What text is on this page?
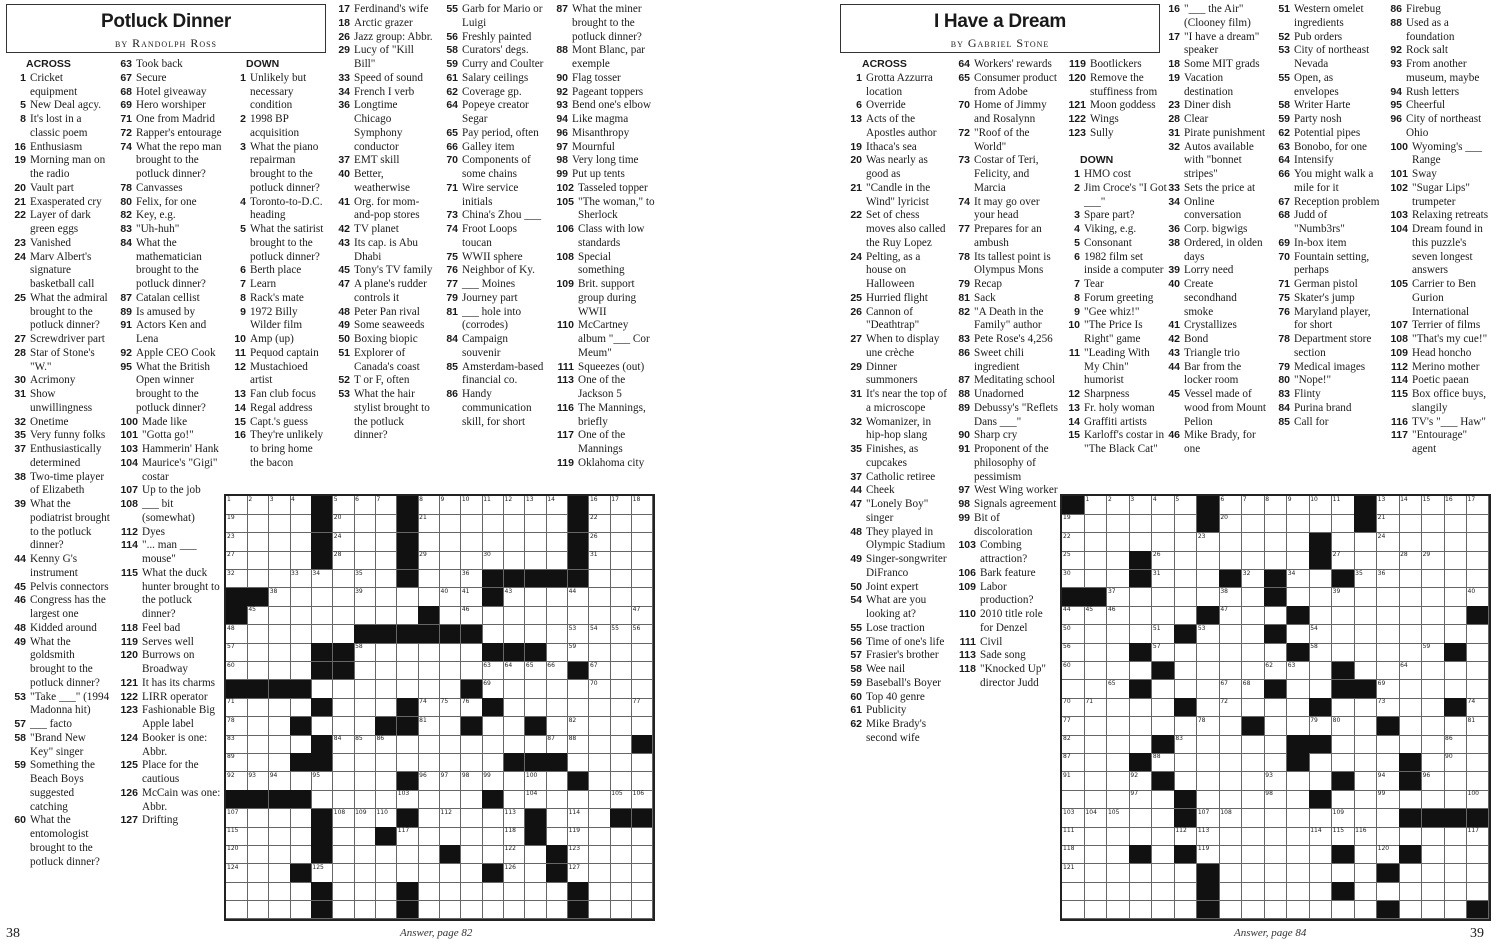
Potluck Dinner
by Randolph Ross
ACROSS
1 Cricket equipment
5 New Deal agcy.
8 It's lost in a classic poem
16 Enthusiasm
19 Morning man on the radio
20 Vault part
21 Exasperated cry
22 Layer of dark green eggs
23 Vanished
24 Marv Albert's signature basketball call
25 What the admiral brought to the potluck dinner?
27 Screwdriver part
28 Star of Stone's "W."
30 Acrimony
31 Show unwillingness
32 Onetime
35 Very funny folks
37 Enthusiastically determined
38 Two-time player of Elizabeth
39 What the podiatrist brought to the potluck dinner?
44 Kenny G's instrument
45 Pelvis connectors
46 Congress has the largest one
48 Kidded around
49 What the goldsmith brought to the potluck dinner?
53 "Take ___" (1994 Madonna hit)
57 ___ facto
58 "Brand New Key" singer
59 Something the Beach Boys suggested catching
60 What the entomologist brought to the potluck dinner?
63 Took back
67 Secure
68 Hotel giveaway
69 Hero worshiper
71 One from Madrid
72 Rapper's entourage
74 What the repo man brought to the potluck dinner?
78 Canvasses
80 Felix, for one
82 Key, e.g.
83 "Uh-huh"
84 What the mathematician brought to the potluck dinner?
87 Catalan cellist
89 Is amused by
91 Actors Ken and Lena
92 Apple CEO Cook
95 What the British Open winner brought to the potluck dinner?
100 Made like
101 "Gotta go!"
103 Hammerin' Hank
104 Maurice's "Gigi" costar
107 Up to the job
108 ___ bit (somewhat)
112 Dyes
114 "... man ___ mouse"
115 What the duck hunter brought to the potluck dinner?
118 Feel bad
119 Serves well
120 Burrows on Broadway
121 It has its charms
122 LIRR operator
123 Fashionable Big Apple label
124 Booker is one: Abbr.
125 Place for the cautious
126 McCain was one: Abbr.
127 Drifting
DOWN
1 Unlikely but necessary condition
2 1998 BP acquisition
3 What the piano repairman brought to the potluck dinner?
4 Toronto-to-D.C. heading
5 What the satirist brought to the potluck dinner?
6 Berth place
7 Learn
8 Rack's mate
9 1972 Billy Wilder film
10 Amp (up)
11 Pequod captain
12 Mustachioed artist
13 Fan club focus
14 Regal address
15 Capt.'s guess
16 They're unlikely to bring home the bacon
17 Ferdinand's wife
18 Arctic grazer
26 Jazz group: Abbr.
29 Lucy of "Kill Bill"
33 Speed of sound
34 French I verb
36 Longtime Chicago Symphony conductor
37 EMT skill
40 Better, weatherwise
41 Org. for mom-and-pop stores
42 TV planet
43 Its cap. is Abu Dhabi
45 Tony's TV family
47 A plane's rudder controls it
48 Peter Pan rival
49 Some seaweeds
50 Boxing biopic
51 Explorer of Canada's coast
52 T or F, often
53 What the hair stylist brought to the potluck dinner?
55 Garb for Mario or Luigi
56 Freshly painted
58 Curators' degs.
59 Curry and Coulter
61 Salary ceilings
62 Coverage gp.
64 Popeye creator Segar
65 Pay period, often
66 Galley item
70 Components of some chains
71 Wire service initials
73 China's Zhou ___
74 Froot Loops toucan
75 WWII sphere
76 Neighbor of Ky.
77 ___ Moines
79 Journey part
81 ___ hole into (corrodes)
84 Campaign souvenir
85 Amsterdam-based financial co.
86 Handy communication skill, for short
87 What the miner brought to the potluck dinner?
88 Mont Blanc, par exemple
90 Flag tosser
92 Pageant toppers
93 Bend one's elbow
94 Like magma
96 Misanthropy
97 Mournful
98 Very long time
99 Put up tents
102 Tasseled topper
105 "The woman," to Sherlock
106 Class with low standards
108 Special something
109 Brit. support group during WWII
110 McCartney album "___ Cor Meum"
111 Squeezes (out)
113 One of the Jackson 5
116 The Mannings, briefly
117 One of the Mannings
119 Oklahoma city
1	2	3	4	5	6	7	8	9	10 11 12 13 14	16 17 18
19	20	21	22
23	24	26
27	28	29	30	31
32	33 34	35	36
38	39	40 41	43	44
45	46	47
48	53 54 55 56
57	58	59
60	63 64 65 66	67
69	70
71	74 75 76	77
78	81	82
83	84 85 86	87 88
89
92 93 94	95	96 97 98 99	100
103	104	105 106
107	108 109 110	112	113	114
115	117	118	119
120	122	123
124	125	126	127
38	Answer, page 82
I Have a Dream
by Gabriel Stone
ACROSS
1 Grotta Azzurra location
6 Override
13 Acts of the Apostles author
19 Ithaca's sea
20 Was nearly as good as
21 "Candle in the Wind" lyricist
22 Set of chess moves also called the Ruy Lopez
24 Pelting, as a house on Halloween
25 Hurried flight
26 Cannon of "Deathtrap"
27 When to display une crèche
29 Dinner summoners
31 It's near the top of a microscope
32 Womanizer, in hip-hop slang
35 Finishes, as cupcakes
37 Catholic retiree
44 Cheek
47 "Lonely Boy" singer
48 They played in Olympic Stadium
49 Singer-songwriter DiFranco
50 Joint expert
54 What are you looking at?
55 Lose traction
56 Time of one's life
57 Frasier's brother
58 Wee nail
59 Baseball's Boyer
60 Top 40 genre
61 Publicity
62 Mike Brady's second wife
64 Workers' rewards
65 Consumer product from Adobe
70 Home of Jimmy and Rosalynn
72 "Roof of the World"
73 Costar of Teri, Felicity, and Marcia
74 It may go over your head
77 Prepares for an ambush
78 Its tallest point is Olympus Mons
79 Recap
81 Sack
82 "A Death in the Family" author
83 Pete Rose's 4,256
86 Sweet chili ingredient
87 Meditating school
88 Unadorned
89 Debussy's "Reflets Dans ___"
90 Sharp cry
91 Proponent of the philosophy of pessimism
97 West Wing worker
98 Signals agreement
99 Bit of discoloration
103 Combing attraction?
106 Bark feature
109 Labor production?
110 2010 title role for Denzel
111 Civil
113 Sade song
118 "Knocked Up" director Judd
119 Bootlickers
120 Remove the stuffiness from
121 Moon goddess
122 Wings
123 Sully
DOWN
1 HMO cost
2 Jim Croce's "I Got ___"
3 Spare part?
4 Viking, e.g.
5 Consonant
6 1982 film set inside a computer
7 Tear
8 Forum greeting
9 "Gee whiz!"
10 "The Price Is Right" game
11 "Leading With My Chin" humorist
12 Sharpness
13 Fr. holy woman
14 Graffiti artists
15 Karloff's costar in "The Black Cat"
16 "___ the Air" (Clooney film)
17 "I have a dream" speaker
18 Some MIT grads
19 Vacation destination
23 Diner dish
28 Clear
31 Pirate punishment
32 Autos available with "bonnet stripes"
33 Sets the price at
34 Online conversation
36 Corp. bigwigs
38 Ordered, in olden days
39 Lorry need
40 Create secondhand smoke
41 Crystallizes
42 Bond
43 Triangle trio
44 Bar from the locker room
45 Vessel made of wood from Mount Pelion
46 Mike Brady, for one
51 Western omelet ingredients
52 Pub orders
53 City of northeast Nevada
55 Open, as envelopes
58 Writer Harte
59 Party nosh
62 Potential pipes
63 Bonobo, for one
64 Intensify
66 You might walk a mile for it
67 Reception problem
68 Judd of "Numb3rs"
69 In-box item
70 Fountain setting, perhaps
71 German pistol
75 Skater's jump
76 Maryland player, for short
78 Department store section
79 Medical images
80 "Nope!"
83 Flinty
84 Purina brand
85 Call for
86 Firebug
88 Used as a foundation
92 Rock salt
93 From another museum, maybe
94 Rush letters
95 Cheerful
96 City of northeast Ohio
100 Wyoming's ___ Range
101 Sway
102 "Sugar Lips" trumpeter
103 Relaxing retreats
104 Dream found in this puzzle's seven longest answers
105 Carrier to Ben Gurion International
107 Terrier of films
108 "That's my cue!"
109 Head honcho
112 Merino mother
114 Poetic paean
115 Box office buys, slangily
116 TV's "___ Haw"
117 "Entourage" agent
1	2	3	4	5	6	7	8	9	10 11	13 14 15 16 17
19	20	21
22	23	24
25	26	27	28 29
30	31	32	34	35 36
37	38	39	40
44 45 46	47
50	51	53	54
56	57	58	59
60	62 63	64
65	67 68	69
70 71	72	73	74
77	78	79 80	81
82	83	86
87	88	90
91	92	93	94	96
97	98	99	100
103 104 105	107 108	109
111	112 113	114 115 116	117
118	119	120
121
Answer, page 84	39
